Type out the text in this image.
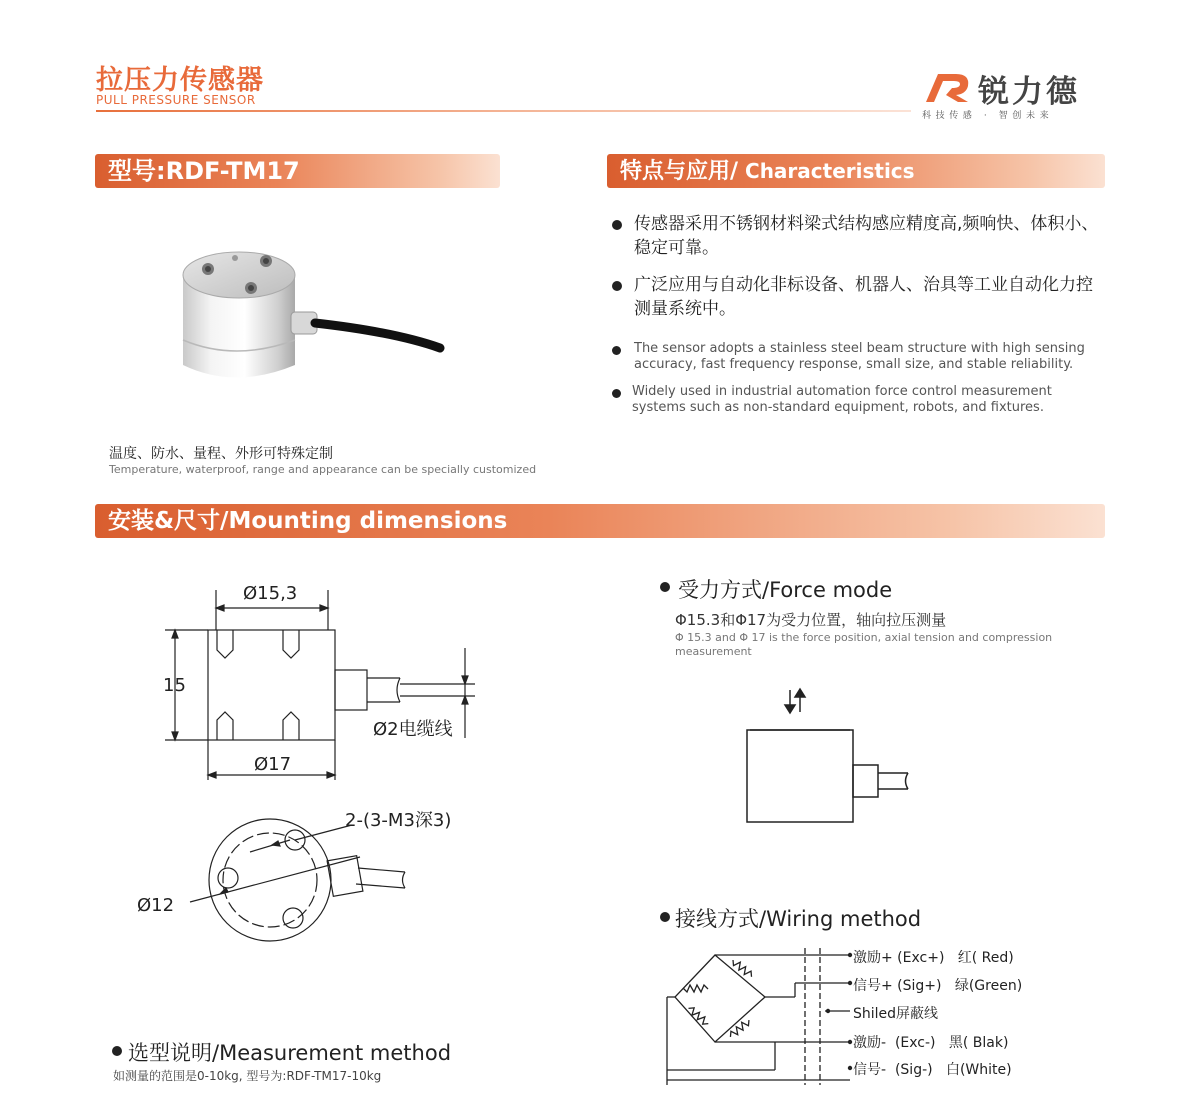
拉压力传感器
PULL PRESSURE SENSOR	锐力德
科技传感 · 智创未来
型号:RDF-TM17	特点与应用/ Characteristics
温度、防水、量程、外形可特殊定制
Temperature, waterproof, range and appearance can be specially customized
传感器采用不锈钢材料梁式结构感应精度高,频响快、体积小、稳定可靠。
广泛应用与自动化非标设备、机器人、治具等工业自动化力控测量系统中。
The sensor adopts a stainless steel beam structure with high sensing accuracy, fast frequency response, small size, and stable reliability.
Widely used in industrial automation force control measurement systems such as non-standard equipment, robots, and fixtures.
安装&尺寸/Mounting dimensions
Ø15,3
15
Ø2电缆线
Ø17
2-(3-M3深3)
Ø12
受力方式/Force mode
Φ15.3和Φ17为受力位置，轴向拉压测量
Φ 15.3 and Φ 17 is the force position, axial tension and compression measurement
接线方式/Wiring method
激励+ (Exc+)   红( Red)
信号+ (Sig+)   绿(Green)
Shiled屏蔽线
激励-  (Exc-)   黑( Blak)
信号-  (Sig-)   白(White)
选型说明/Measurement method
如测量的范围是0-10kg, 型号为:RDF-TM17-10kg
